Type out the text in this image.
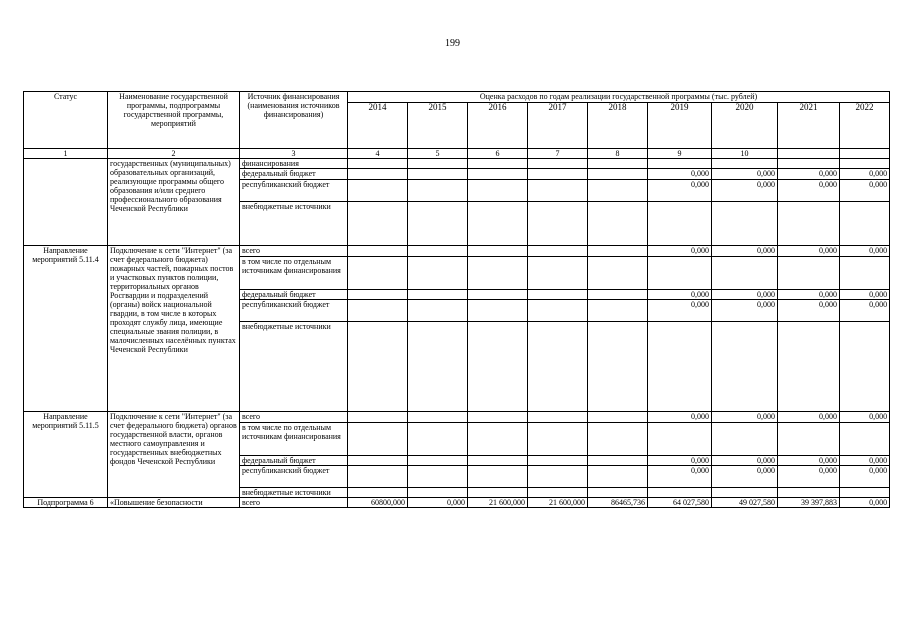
199
Статус	Наименование государственной программы, подпрограммы государственной программы, мероприятий	Источник финансирования (наименования источников финансирования)	Оценка расходов по годам реализации государственной программы (тыс. рублей)								
			2014	2015	2016	2017	2018	2019	2020	2021	2022
1	2	3	4	5	6	7	8	9	10		
	государственных (муниципальных) образовательных организаций, реализующие программы общего образования и/или среднего профессионального образования Чеченской Республики	финансирования									
		федеральный бюджет						0,000	0,000	0,000	0,000
		республиканский бюджет						0,000	0,000	0,000	0,000
		внебюджетные источники									
Направление мероприятий 5.11.4	Подключение к сети "Интернет" (за счет федерального бюджета) пожарных частей, пожарных постов и участковых пунктов полиции, территориальных органов Росгвардии и подразделений (органы) войск национальной гвардии, в том числе в которых проходят службу лица, имеющие специальные звания полиции, в малочисленных населённых пунктах Чеченской Республики	всего						0,000	0,000	0,000	0,000
		в том числе по отдельным источникам финансирования									
		федеральный бюджет						0,000	0,000	0,000	0,000
		республиканский бюджет						0,000	0,000	0,000	0,000
		внебюджетные источники									
Направление мероприятий 5.11.5	Подключение к сети "Интернет" (за счет федерального бюджета) органов государственной власти, органов местного самоуправления и государственных внебюджетных фондов Чеченской Республики	всего						0,000	0,000	0,000	0,000
		в том числе по отдельным источникам финансирования									
		федеральный бюджет						0,000	0,000	0,000	0,000
		республиканский бюджет						0,000	0,000	0,000	0,000
		внебюджетные источники									
Подпрограмма 6	«Повышение безопасности	всего	60800,000	0,000	21 600,000	21 600,000	86465,736	64 027,580	49 027,580	39 397,883	0,000
